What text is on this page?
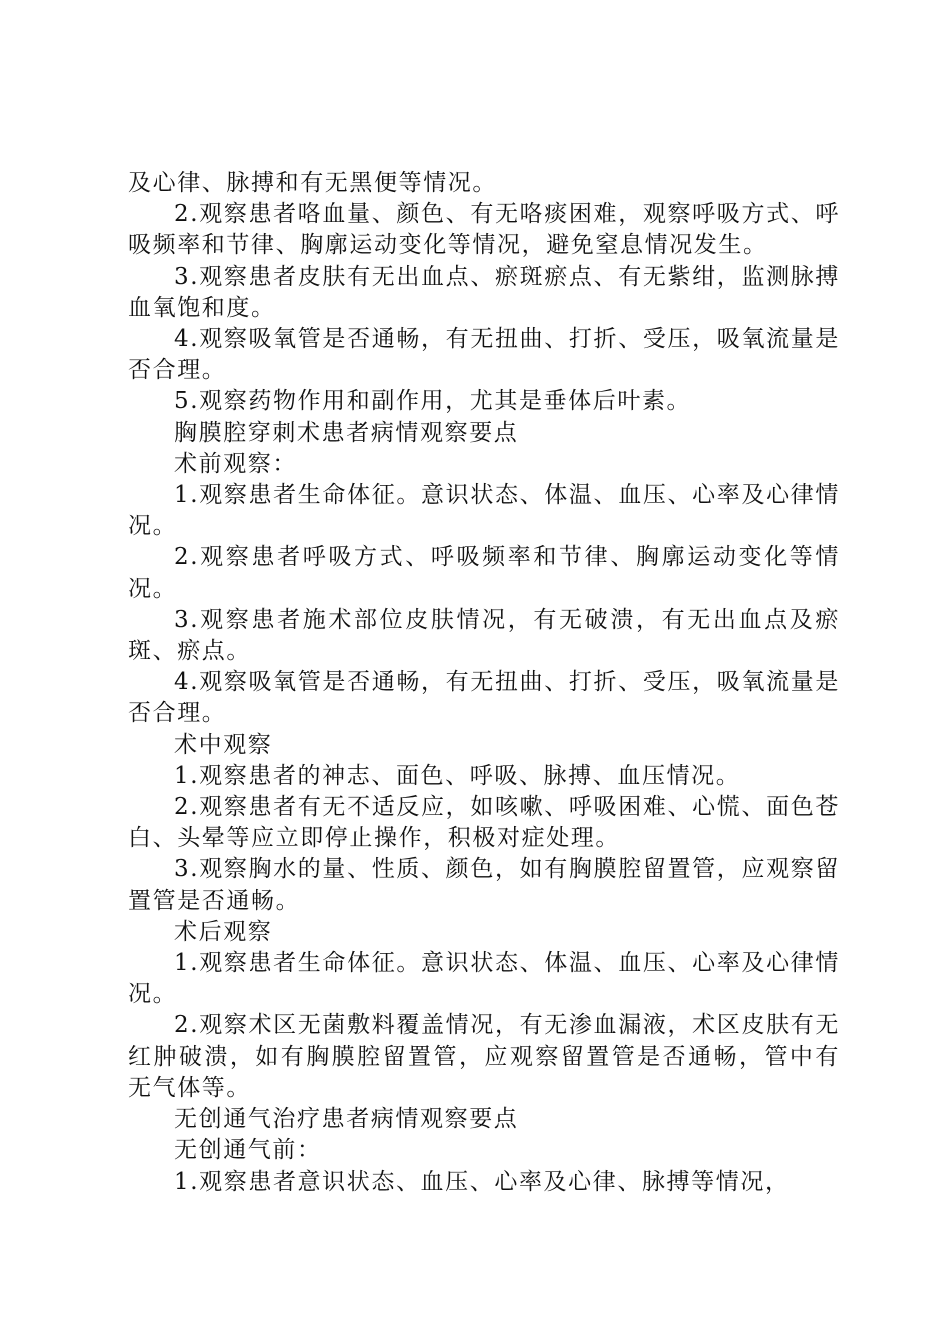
及心律、脉搏和有无黑便等情况。

2.观察患者咯血量、颜色、有无咯痰困难，观察呼吸方式、呼吸频率和节律、胸廓运动变化等情况，避免窒息情况发生。

3.观察患者皮肤有无出血点、瘀斑瘀点、有无紫绀，监测脉搏血氧饱和度。

4.观察吸氧管是否通畅，有无扭曲、打折、受压，吸氧流量是否合理。

5.观察药物作用和副作用，尤其是垂体后叶素。

胸膜腔穿刺术患者病情观察要点

术前观察：

1.观察患者生命体征。意识状态、体温、血压、心率及心律情况。

2.观察患者呼吸方式、呼吸频率和节律、胸廓运动变化等情况。

3.观察患者施术部位皮肤情况，有无破溃，有无出血点及瘀斑、瘀点。

4.观察吸氧管是否通畅，有无扭曲、打折、受压，吸氧流量是否合理。

术中观察

1.观察患者的神志、面色、呼吸、脉搏、血压情况。

2.观察患者有无不适反应，如咳嗽、呼吸困难、心慌、面色苍白、头晕等应立即停止操作，积极对症处理。

3.观察胸水的量、性质、颜色，如有胸膜腔留置管，应观察留置管是否通畅。

术后观察

1.观察患者生命体征。意识状态、体温、血压、心率及心律情况。

2.观察术区无菌敷料覆盖情况，有无渗血漏液，术区皮肤有无红肿破溃，如有胸膜腔留置管，应观察留置管是否通畅，管中有无气体等。

无创通气治疗患者病情观察要点

无创通气前：

1.观察患者意识状态、血压、心率及心律、脉搏等情况，
